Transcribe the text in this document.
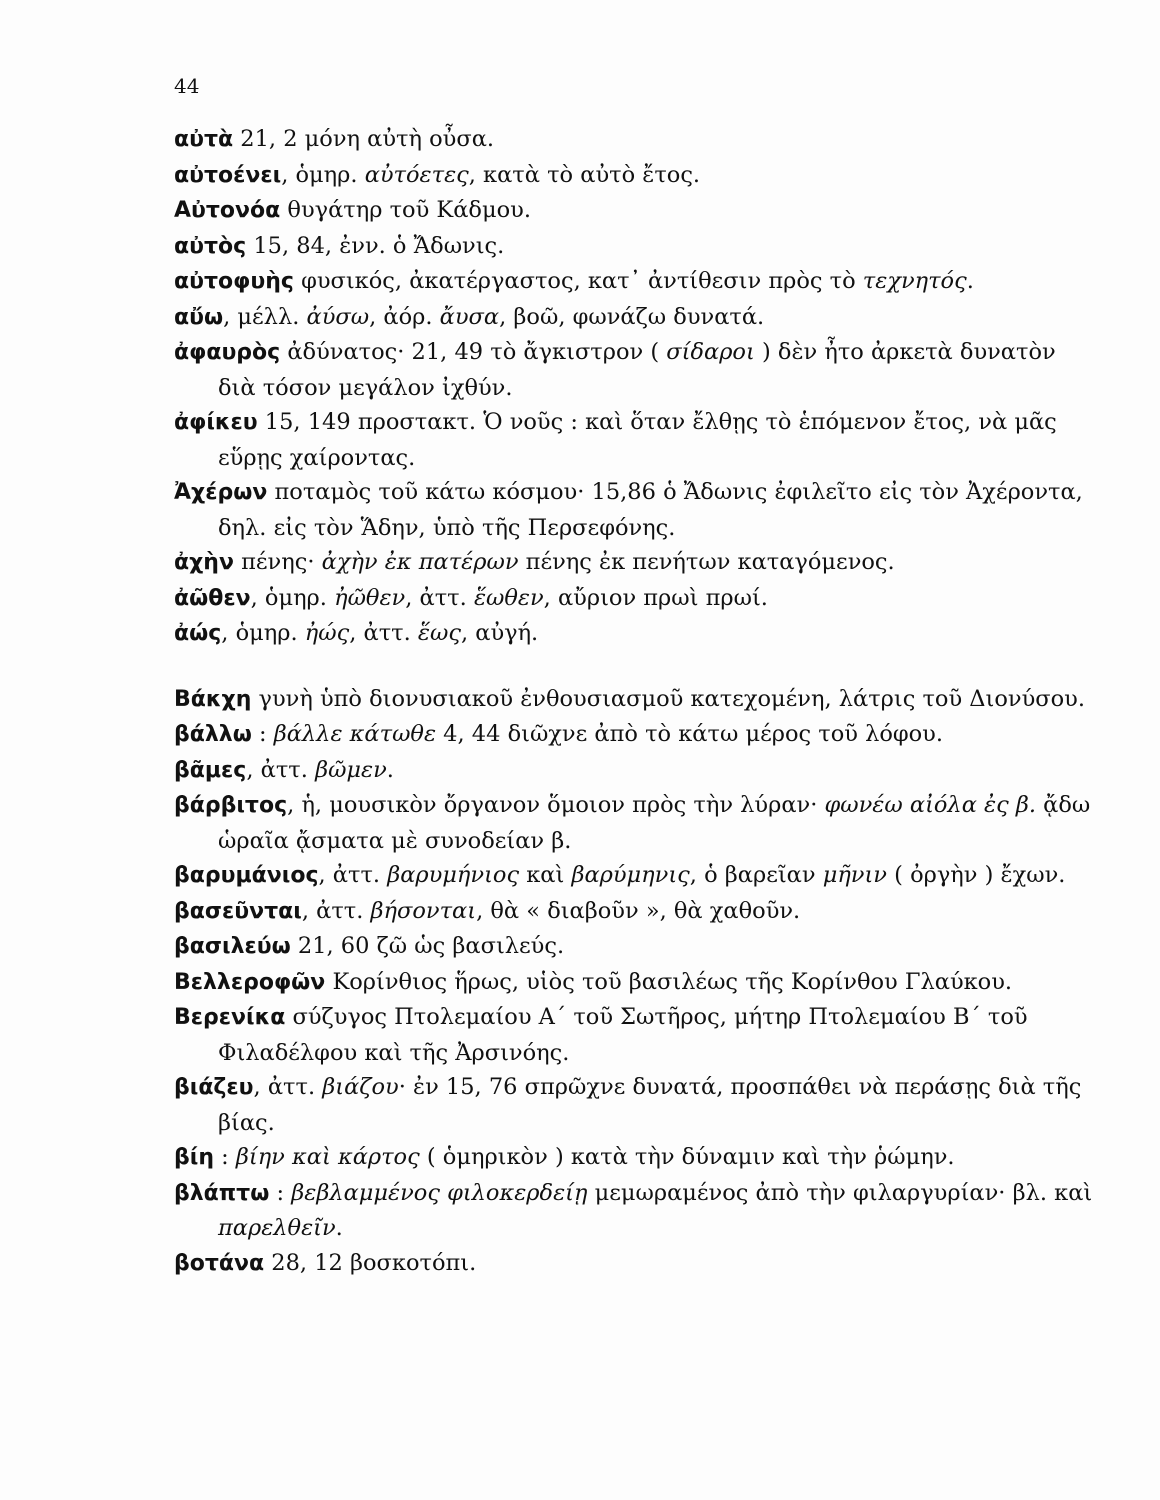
44
αὐτὰ 21, 2 μόνη αὐτὴ οὖσα.
αὐτοένει, ὁμηρ. αὐτόετες, κατὰ τὸ αὐτὸ ἔτος.
Αὐτονόα θυγάτηρ τοῦ Κάδμου.
αὐτὸς 15, 84, ἐνν. ὁ Ἄδωνις.
αὐτοφυὴς φυσικός, ἀκατέργαστος, κατ᾽ ἀντίθεσιν πρὸς τὸ τεχνητός.
αὔω, μέλλ. ἀύσω, ἀόρ. ἄυσα, βοῶ, φωνάζω δυνατά.
ἀφαυρὸς ἀδύνατος· 21, 49 τὸ ἄγκιστρον ( σίδαροι ) δὲν ἦτο ἀρκετὰ δυνατὸν διὰ τόσον μεγάλον ἰχθύν.
ἀφίκευ 15, 149 προστακτ. Ὁ νοῦς : καὶ ὅταν ἔλθῃς τὸ ἑπόμενον ἔτος, νὰ μᾶς εὕρῃς χαίροντας.
Ἀχέρων ποταμὸς τοῦ κάτω κόσμου· 15,86 ὁ Ἄδωνις ἐφιλεῖτο εἰς τὸν Ἀχέροντα, δηλ. εἰς τὸν Ἅδην, ὑπὸ τῆς Περσεφόνης.
ἀχὴν πένης· ἀχὴν ἐκ πατέρων πένης ἐκ πενήτων καταγόμενος.
ἀῶθεν, ὁμηρ. ἠῶθεν, ἀττ. ἕωθεν, αὔριον πρωὶ πρωί.
ἀώς, ὁμηρ. ἠώς, ἀττ. ἕως, αὐγή.
Βάκχη γυνὴ ὑπὸ διονυσιακοῦ ἐνθουσιασμοῦ κατεχομένη, λάτρις τοῦ Διονύσου.
βάλλω : βάλλε κάτωθε 4, 44 διῶχνε ἀπὸ τὸ κάτω μέρος τοῦ λόφου.
βᾶμες, ἀττ. βῶμεν.
βάρβιτος, ἡ, μουσικὸν ὄργανον ὅμοιον πρὸς τὴν λύραν· φωνέω αἰόλα ἐς β. ᾄδω ὡραῖα ᾄσματα μὲ συνοδείαν β.
βαρυμάνιος, ἀττ. βαρυμήνιος καὶ βαρύμηνις, ὁ βαρεῖαν μῆνιν ( ὀργὴν ) ἔχων.
βασεῦνται, ἀττ. βήσονται, θὰ « διαβοῦν », θὰ χαθοῦν.
βασιλεύω 21, 60 ζῶ ὡς βασιλεύς.
Βελλεροφῶν Κορίνθιος ἥρως, υἱὸς τοῦ βασιλέως τῆς Κορίνθου Γλαύκου.
Βερενίκα σύζυγος Πτολεμαίου Α΄ τοῦ Σωτῆρος, μήτηρ Πτολεμαίου Β΄ τοῦ Φιλαδέλφου καὶ τῆς Ἀρσινόης.
βιάζευ, ἀττ. βιάζου· ἐν 15, 76 σπρῶχνε δυνατά, προσπάθει νὰ περάσῃς διὰ τῆς βίας.
βίη : βίην καὶ κάρτος ( ὁμηρικὸν ) κατὰ τὴν δύναμιν καὶ τὴν ῥώμην.
βλάπτω : βεβλαμμένος φιλοκερδείῃ μεμωραμένος ἀπὸ τὴν φιλαργυρίαν· βλ. καὶ παρελθεῖν.
βοτάνα 28, 12 βοσκοτόπι.
